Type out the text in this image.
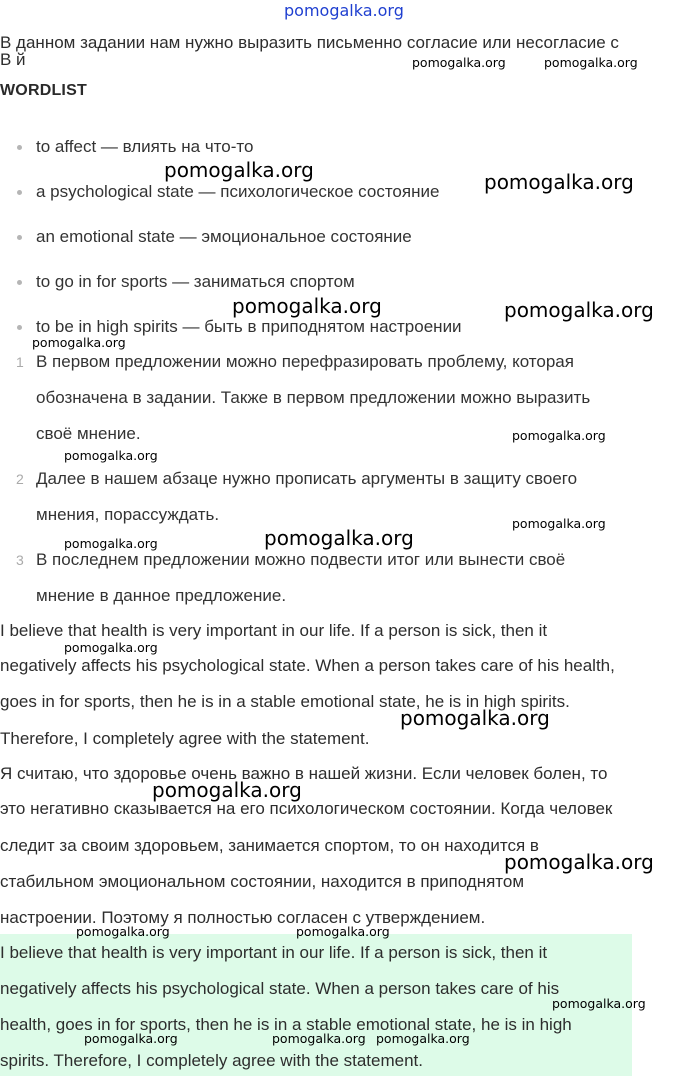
pomogalka.org
В данном задании нам нужно выразить письменно согласие или несогласие с
В й
WORDLIST
to affect — влиять на что-то
a psychological state — психологическое состояние
an emotional state — эмоциональное состояние
to go in for sports — заниматься спортом
to be in high spirits — быть в приподнятом настроении
1 В первом предложении можно перефразировать проблему, которая
обозначена в задании. Также в первом предложении можно выразить
своё мнение.
2 Далее в нашем абзаце нужно прописать аргументы в защиту своего
мнения, порассуждать.
3 В последнем предложении можно подвести итог или вынести своё
мнение в данное предложение.
I believe that health is very important in our life. If a person is sick, then it
negatively affects his psychological state. When a person takes care of his health,
goes in for sports, then he is in a stable emotional state, he is in high spirits.
Therefore, I completely agree with the statement.
Я считаю, что здоровье очень важно в нашей жизни. Если человек болен, то
это негативно сказывается на его психологическом состоянии. Когда человек
следит за своим здоровьем, занимается спортом, то он находится в
стабильном эмоциональном состоянии, находится в приподнятом
настроении. Поэтому я полностью согласен с утверждением.
I believe that health is very important in our life. If a person is sick, then it
negatively affects his psychological state. When a person takes care of his
health, goes in for sports, then he is in a stable emotional state, he is in high
spirits. Therefore, I completely agree with the statement.
pomogalka.org	pomogalka.org
pomogalka.org	pomogalka.org
pomogalka.org	pomogalka.org
pomogalka.org
pomogalka.org
pomogalka.org
pomogalka.org
pomogalka.org
pomogalka.org
pomogalka.org
pomogalka.org
pomogalka.org
pomogalka.org
pomogalka.org	pomogalka.org
pomogalka.org
pomogalka.org	pomogalka.org pomogalka.org
